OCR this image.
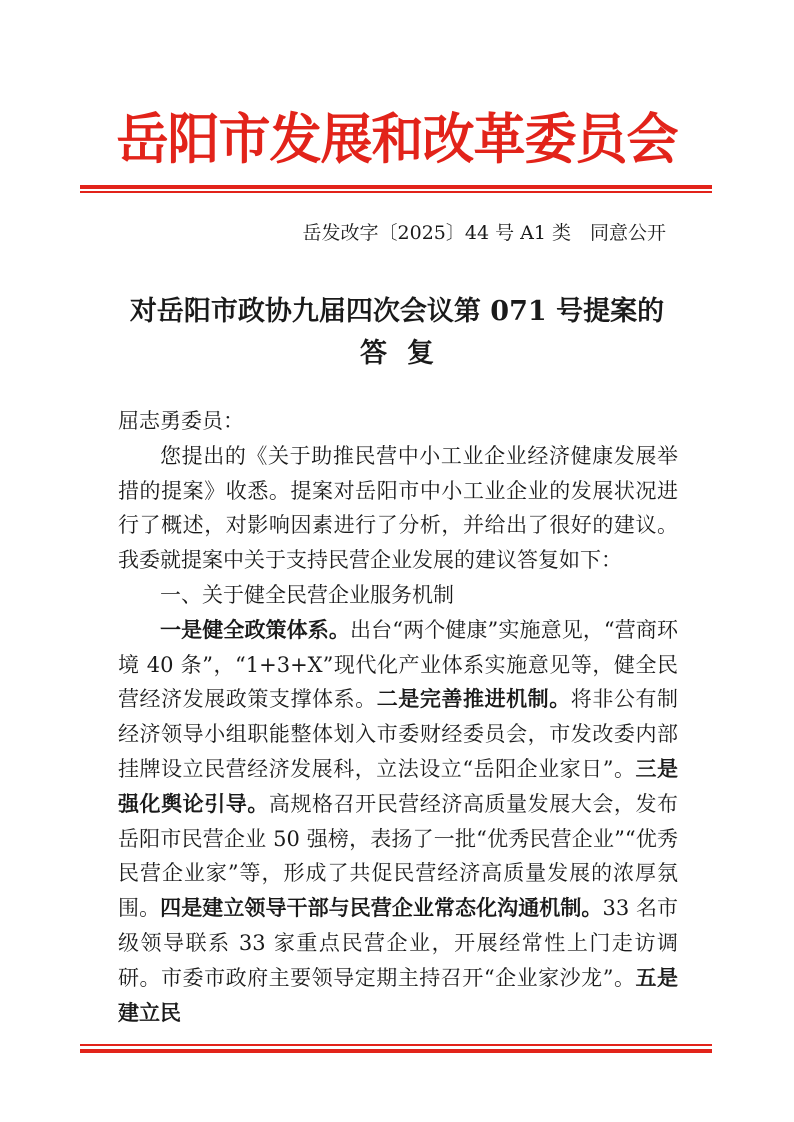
岳阳市发展和改革委员会
岳发改字〔2025〕44 号 A1 类　同意公开
对岳阳市政协九届四次会议第 071 号提案的
答复

屈志勇委员：

您提出的《关于助推民营中小工业企业经济健康发展举措的提案》收悉。提案对岳阳市中小工业企业的发展状况进行了概述，对影响因素进行了分析，并给出了很好的建议。我委就提案中关于支持民营企业发展的建议答复如下：

一、关于健全民营企业服务机制

一是健全政策体系。出台“两个健康”实施意见，“营商环境 40 条”，“1+3+X”现代化产业体系实施意见等，健全民营经济发展政策支撑体系。二是完善推进机制。将非公有制经济领导小组职能整体划入市委财经委员会，市发改委内部挂牌设立民营经济发展科，立法设立“岳阳企业家日”。三是强化舆论引导。高规格召开民营经济高质量发展大会，发布岳阳市民营企业 50 强榜，表扬了一批“优秀民营企业”“优秀民营企业家”等，形成了共促民营经济高质量发展的浓厚氛围。四是建立领导干部与民营企业常态化沟通机制。33 名市级领导联系 33 家重点民营企业，开展经常性上门走访调研。市委市政府主要领导定期主持召开“企业家沙龙”。五是建立民
